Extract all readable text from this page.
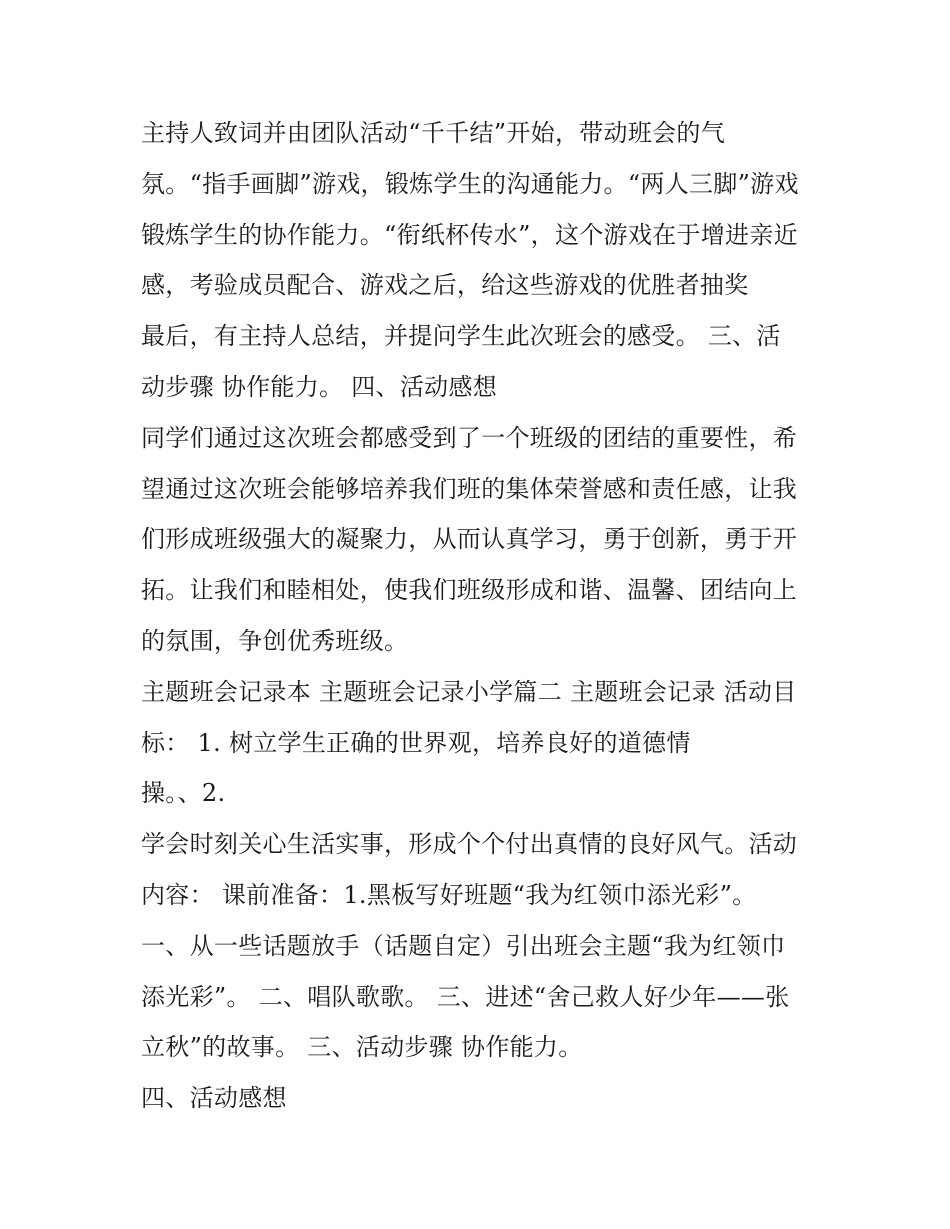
主持人致词并由团队活动“千千结”开始，带动班会的气
氛。“指手画脚”游戏，锻炼学生的沟通能力。“两人三脚”游戏
锻炼学生的协作能力。“衔纸杯传水”，这个游戏在于增进亲近
感，考验成员配合、游戏之后，给这些游戏的优胜者抽奖
最后，有主持人总结，并提问学生此次班会的感受。 三、活
动步骤 协作能力。 四、活动感想
同学们通过这次班会都感受到了一个班级的团结的重要性，希
望通过这次班会能够培养我们班的集体荣誉感和责任感，让我
们形成班级强大的凝聚力，从而认真学习，勇于创新，勇于开
拓。让我们和睦相处，使我们班级形成和谐、温馨、团结向上
的氛围，争创优秀班级。
主题班会记录本 主题班会记录小学篇二 主题班会记录 活动目
标： 1. 树立学生正确的世界观，培养良好的道德情
操。、2.
学会时刻关心生活实事，形成个个付出真情的良好风气。活动
内容： 课前准备：1.黑板写好班题“我为红领巾添光彩”。
一、从一些话题放手（话题自定）引出班会主题“我为红领巾
添光彩”。 二、唱队歌歌。 三、进述“舍己救人好少年——张
立秋”的故事。 三、活动步骤 协作能力。
四、活动感想
